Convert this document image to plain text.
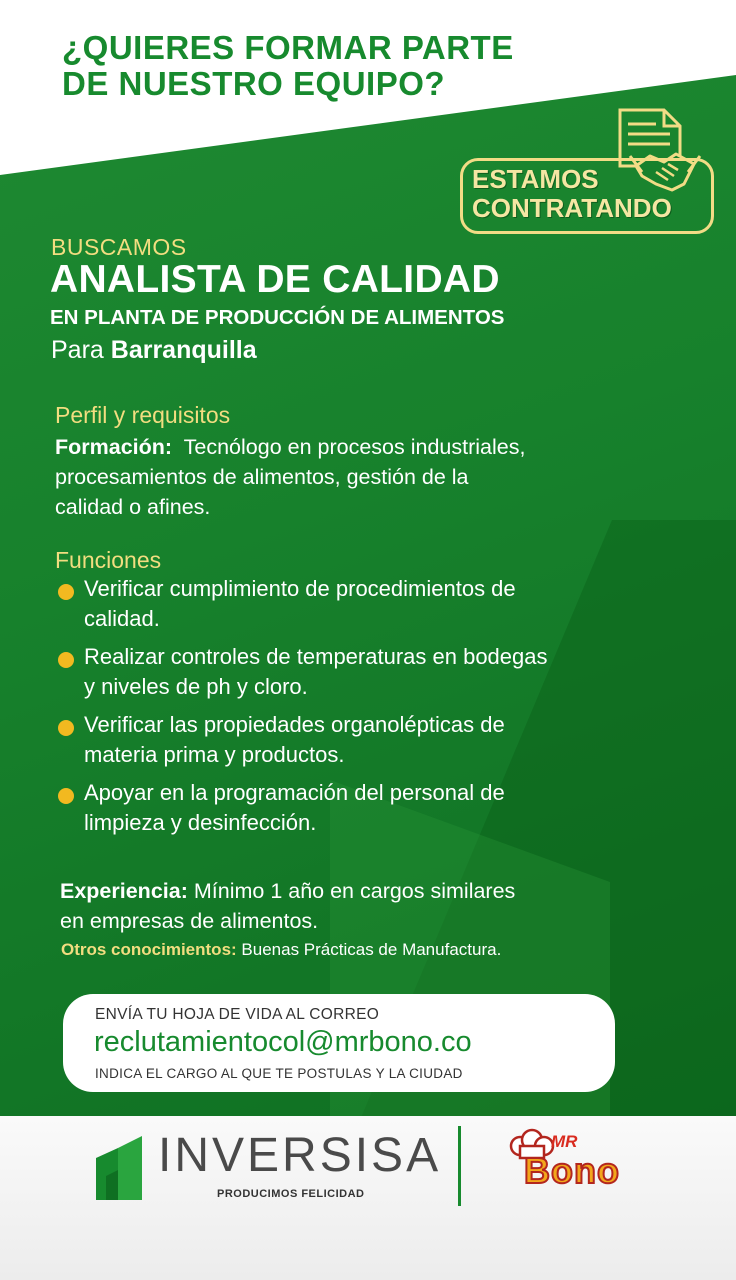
¿QUIERES FORMAR PARTE
DE NUESTRO EQUIPO?
ESTAMOS
CONTRATANDO
BUSCAMOS
ANALISTA DE CALIDAD
EN PLANTA DE PRODUCCIÓN DE ALIMENTOS
Para Barranquilla
Perfil y requisitos
Formación: Tecnólogo en procesos industriales,
procesamientos de alimentos, gestión de la
calidad o afines.
Funciones
Verificar cumplimiento de procedimientos de
calidad.
Realizar controles de temperaturas en bodegas
y niveles de ph y cloro.
Verificar las propiedades organolépticas de
materia prima y productos.
Apoyar en la programación del personal de
limpieza y desinfección.
Experiencia: Mínimo 1 año en cargos similares
en empresas de alimentos.
Otros conocimientos: Buenas Prácticas de Manufactura.
ENVÍA TU HOJA DE VIDA AL CORREO
reclutamientocol@mrbono.co
INDICA EL CARGO AL QUE TE POSTULAS Y LA CIUDAD
INVERSISA
PRODUCIMOS FELICIDAD
MR
Bono
